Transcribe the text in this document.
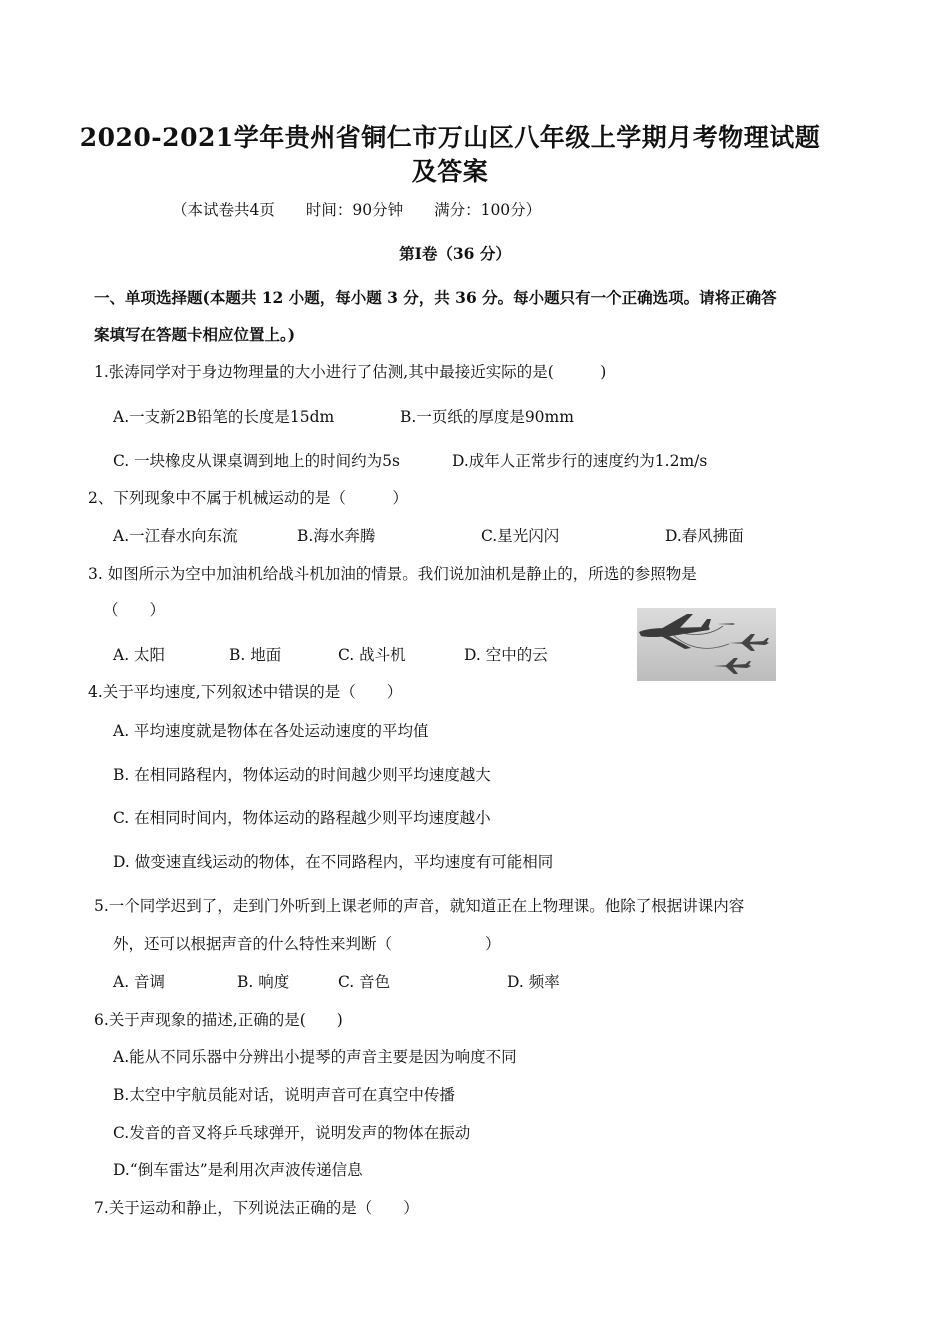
2020-2021学年贵州省铜仁市万山区八年级上学期月考物理试题
及答案
（本试卷共4页　　时间：90分钟　　满分：100分）
第Ⅰ卷（36 分）
一、单项选择题(本题共 12 小题，每小题 3 分，共 36 分。每小题只有一个正确选项。请将正确答
案填写在答题卡相应位置上。)
1.张涛同学对于身边物理量的大小进行了估测,其中最接近实际的是(　　　)
A.一支新2B铅笔的长度是15dm	B.一页纸的厚度是90mm
C. 一块橡皮从课桌调到地上的时间约为5s	D.成年人正常步行的速度约为1.2m/s
2、下列现象中不属于机械运动的是（　　　）
A.一江春水向东流	B.海水奔腾	C.星光闪闪	D.春风拂面
3. 如图所示为空中加油机给战斗机加油的情景。我们说加油机是静止的，所选的参照物是
（　　）
A. 太阳	B. 地面	C. 战斗机	D. 空中的云
4.关于平均速度,下列叙述中错误的是（　　）
A. 平均速度就是物体在各处运动速度的平均值
B. 在相同路程内，物体运动的时间越少则平均速度越大
C. 在相同时间内，物体运动的路程越少则平均速度越小
D. 做变速直线运动的物体，在不同路程内，平均速度有可能相同
5.一个同学迟到了，走到门外听到上课老师的声音，就知道正在上物理课。他除了根据讲课内容
外，还可以根据声音的什么特性来判断（　　　　　　）
A. 音调	B. 响度	C. 音色	D. 频率
6.关于声现象的描述,正确的是(　　)
A.能从不同乐器中分辨出小提琴的声音主要是因为响度不同
B.太空中宇航员能对话，说明声音可在真空中传播
C.发音的音叉将乒乓球弹开，说明发声的物体在振动
D.“倒车雷达”是利用次声波传递信息
7.关于运动和静止，下列说法正确的是（　　）
